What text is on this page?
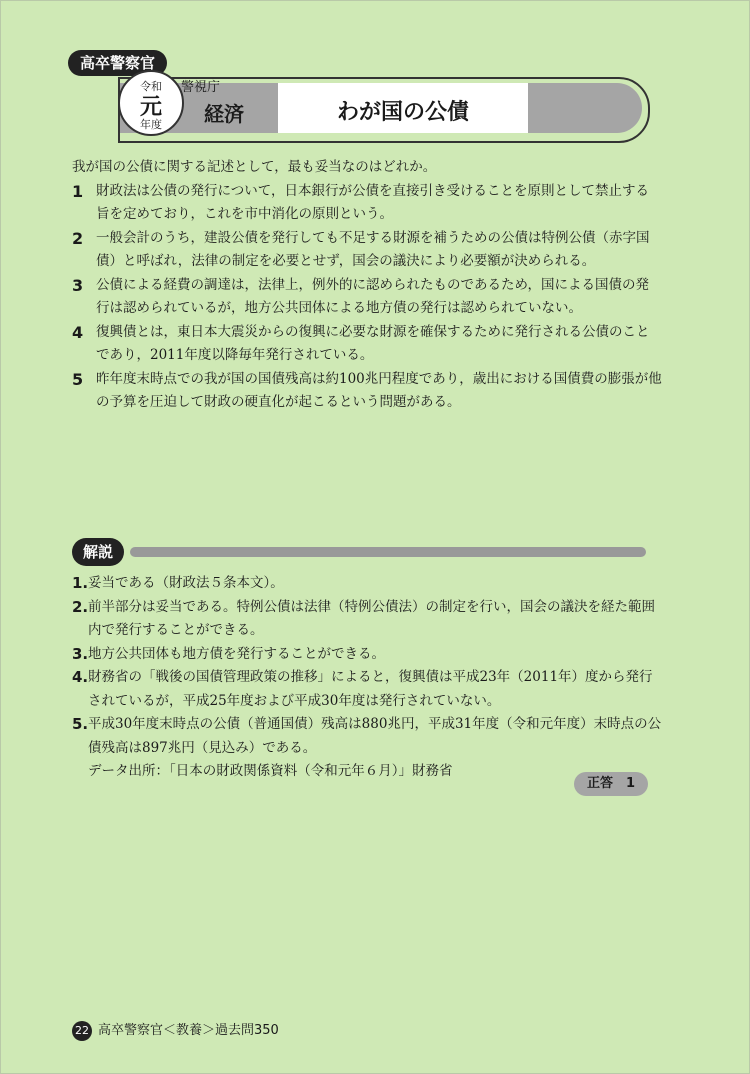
高卒警察官
令和
元
年度
警視庁
経済	わが国の公債

我が国の公債に関する記述として，最も妥当なのはどれか。

1 財政法は公債の発行について，日本銀行が公債を直接引き受けることを原則として禁止する旨を定めており，これを市中消化の原則という。

2 一般会計のうち，建設公債を発行しても不足する財源を補うための公債は特例公債（赤字国債）と呼ばれ，法律の制定を必要とせず，国会の議決により必要額が決められる。

3 公債による経費の調達は，法律上，例外的に認められたものであるため，国による国債の発行は認められているが，地方公共団体による地方債の発行は認められていない。

4 復興債とは，東日本大震災からの復興に必要な財源を確保するために発行される公債のことであり，2011年度以降毎年発行されている。

5 昨年度末時点での我が国の国債残高は約100兆円程度であり，歳出における国債費の膨張が他の予算を圧迫して財政の硬直化が起こるという問題がある。

解説

1. 妥当である（財政法５条本文）。

2. 前半部分は妥当である。特例公債は法律（特例公債法）の制定を行い，国会の議決を経た範囲内で発行することができる。

3. 地方公共団体も地方債を発行することができる。

4. 財務省の「戦後の国債管理政策の推移」によると，復興債は平成23年（2011年）度から発行されているが，平成25年度および平成30年度は発行されていない。

5. 平成30年度末時点の公債（普通国債）残高は880兆円，平成31年度（令和元年度）末時点の公債残高は897兆円（見込み）である。

データ出所：「日本の財政関係資料（令和元年６月）」財務省

正答　1
22 高卒警察官＜教養＞過去問350
